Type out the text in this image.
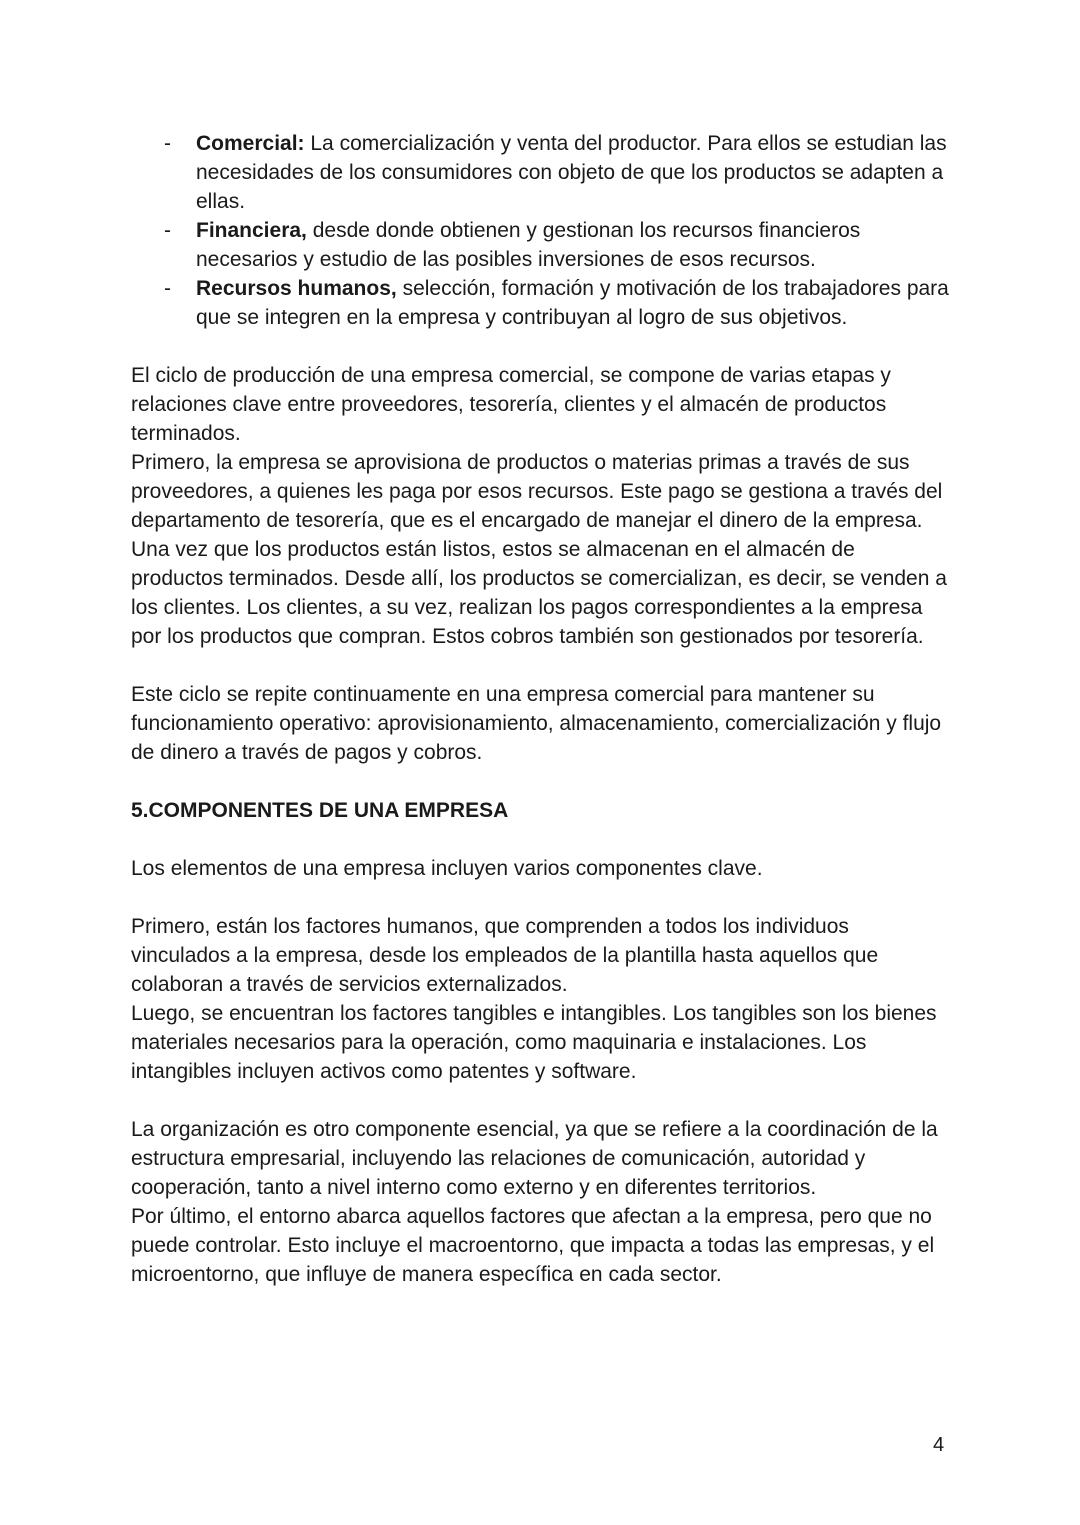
- Comercial: La comercialización y venta del productor. Para ellos se estudian las necesidades de los consumidores con objeto de que los productos se adapten a ellas.
- Financiera, desde donde obtienen y gestionan los recursos financieros necesarios y estudio de las posibles inversiones de esos recursos.
- Recursos humanos, selección, formación y motivación de los trabajadores para que se integren en la empresa y contribuyan al logro de sus objetivos.

El ciclo de producción de una empresa comercial, se compone de varias etapas y relaciones clave entre proveedores, tesorería, clientes y el almacén de productos terminados.

Primero, la empresa se aprovisiona de productos o materias primas a través de sus proveedores, a quienes les paga por esos recursos. Este pago se gestiona a través del departamento de tesorería, que es el encargado de manejar el dinero de la empresa.

Una vez que los productos están listos, estos se almacenan en el almacén de productos terminados. Desde allí, los productos se comercializan, es decir, se venden a los clientes. Los clientes, a su vez, realizan los pagos correspondientes a la empresa por los productos que compran. Estos cobros también son gestionados por tesorería.

Este ciclo se repite continuamente en una empresa comercial para mantener su funcionamiento operativo: aprovisionamiento, almacenamiento, comercialización y flujo de dinero a través de pagos y cobros.

5.COMPONENTES DE UNA EMPRESA

Los elementos de una empresa incluyen varios componentes clave.

Primero, están los factores humanos, que comprenden a todos los individuos vinculados a la empresa, desde los empleados de la plantilla hasta aquellos que colaboran a través de servicios externalizados.

Luego, se encuentran los factores tangibles e intangibles. Los tangibles son los bienes materiales necesarios para la operación, como maquinaria e instalaciones. Los intangibles incluyen activos como patentes y software.

La organización es otro componente esencial, ya que se refiere a la coordinación de la estructura empresarial, incluyendo las relaciones de comunicación, autoridad y cooperación, tanto a nivel interno como externo y en diferentes territorios.

Por último, el entorno abarca aquellos factores que afectan a la empresa, pero que no puede controlar. Esto incluye el macroentorno, que impacta a todas las empresas, y el microentorno, que influye de manera específica en cada sector.

4
